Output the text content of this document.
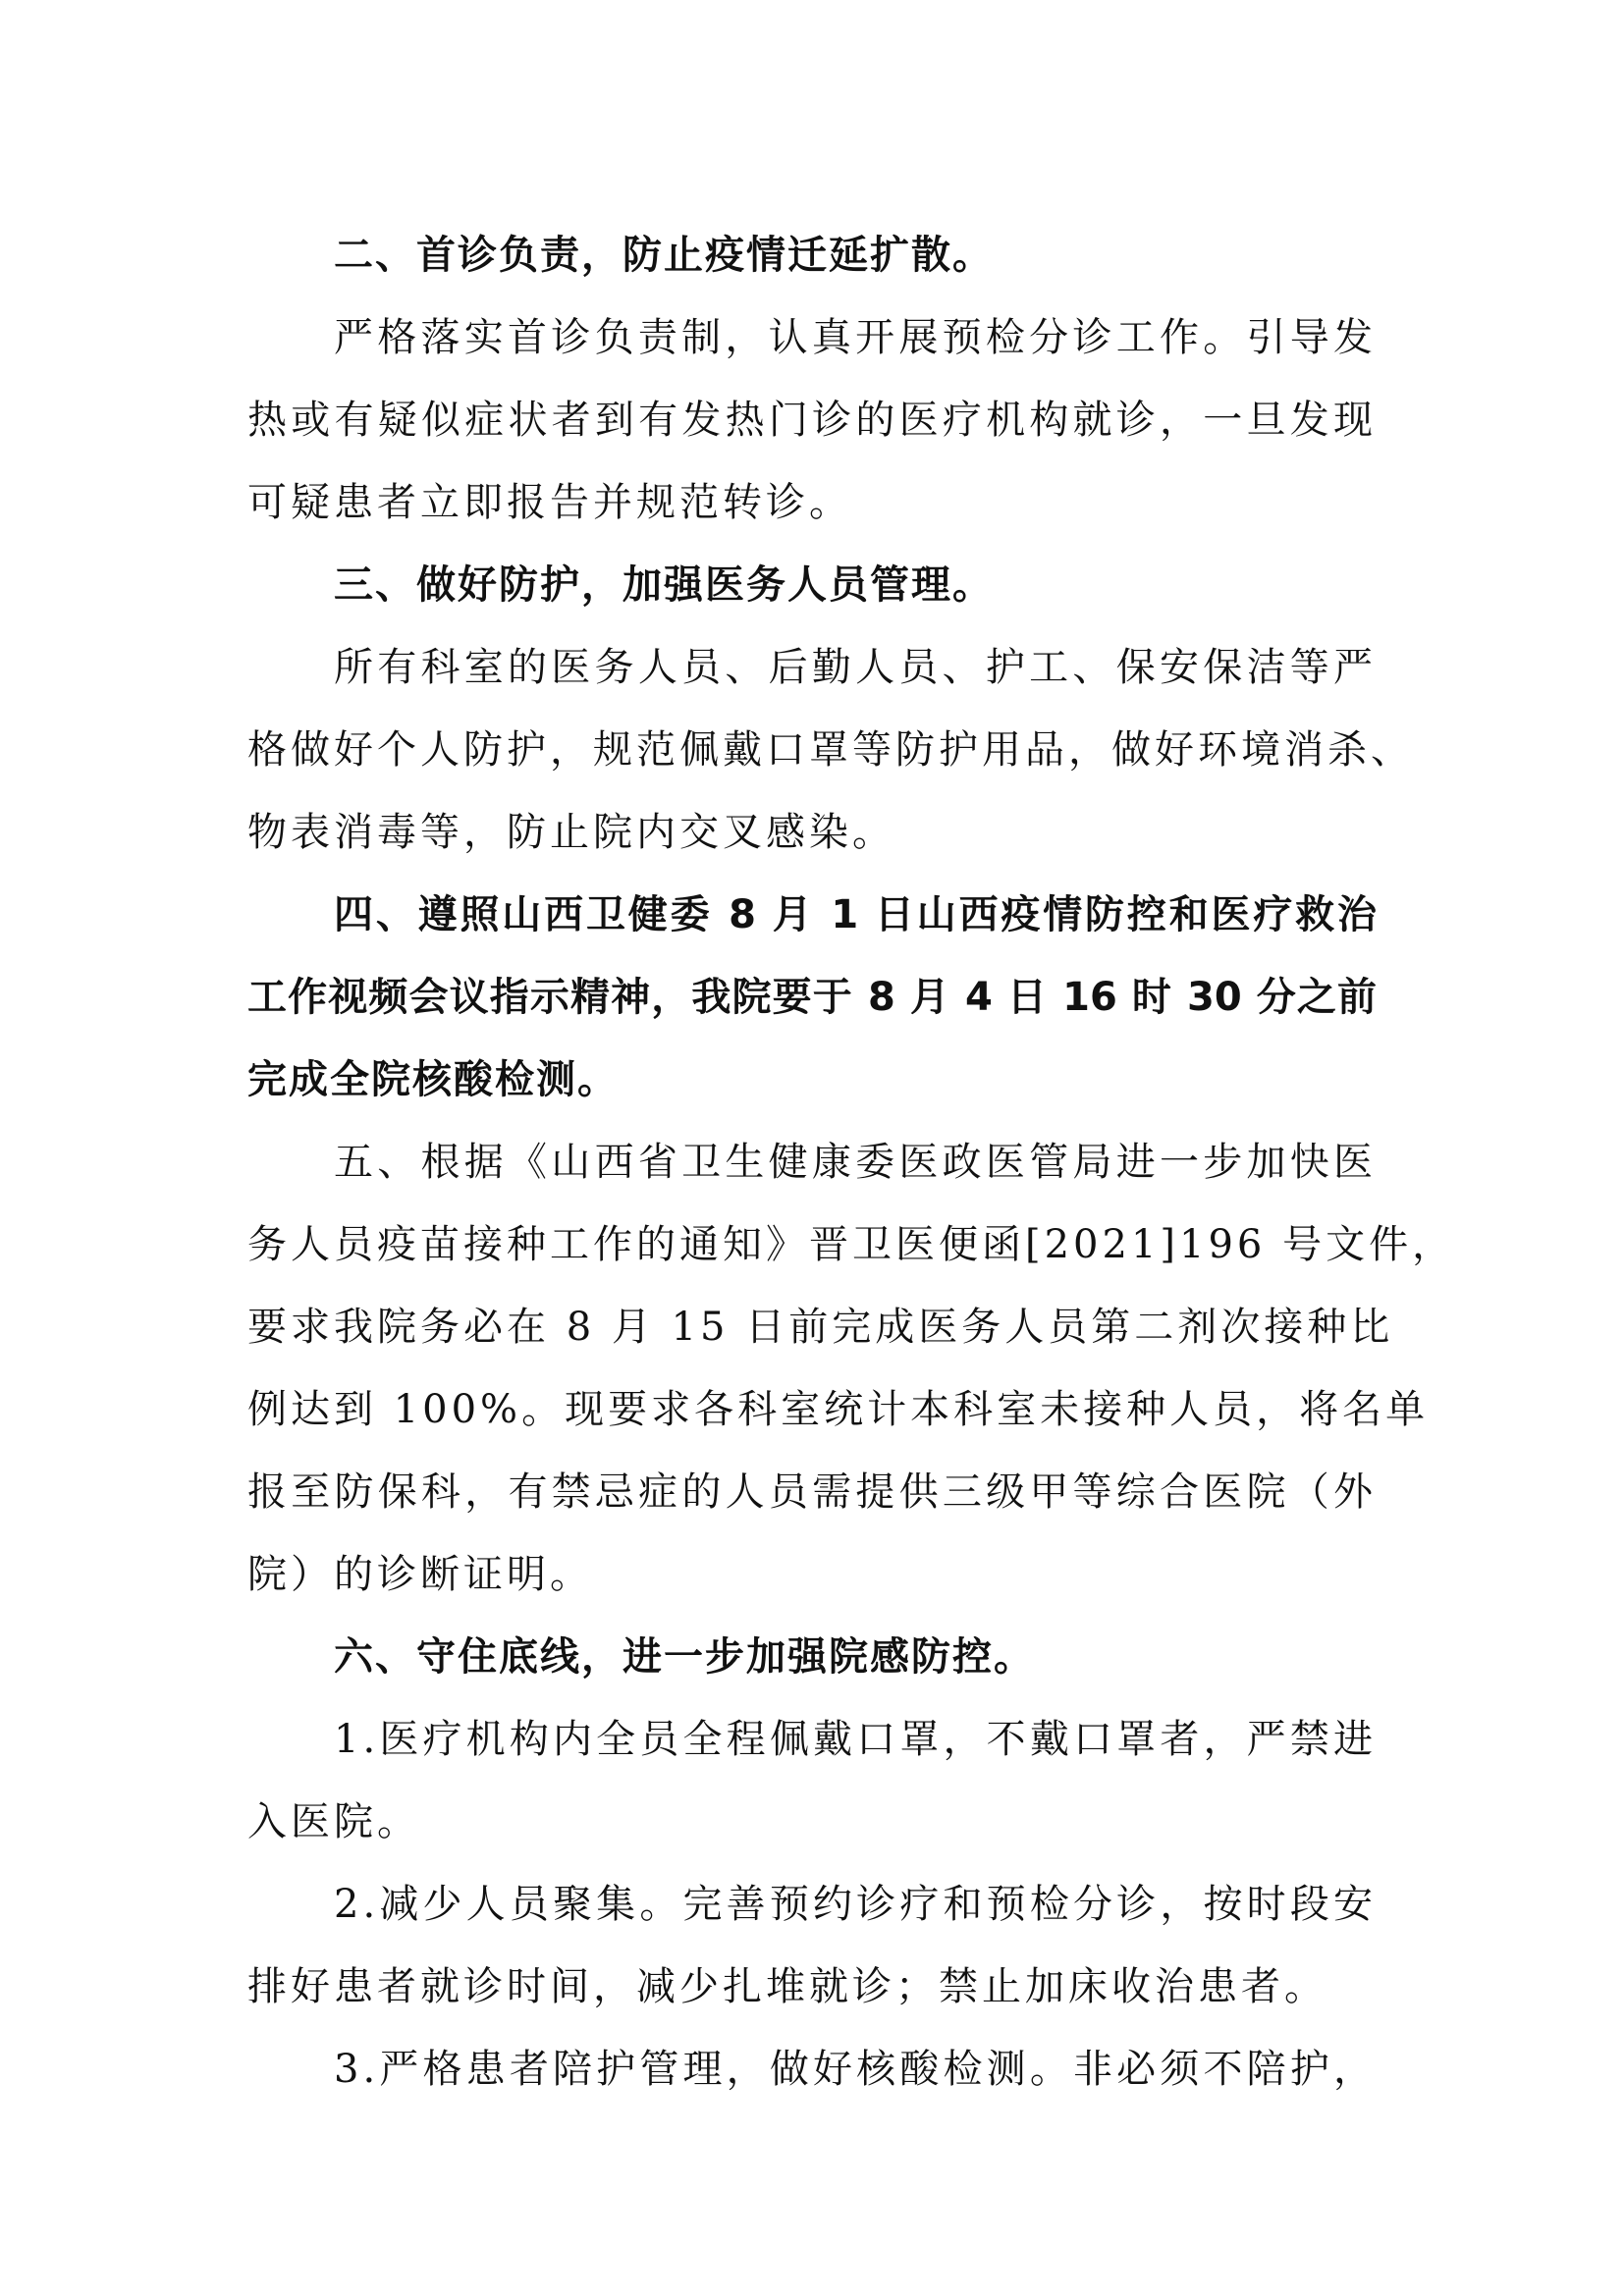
二、首诊负责，防止疫情迁延扩散。
严格落实首诊负责制，认真开展预检分诊工作。引导发
热或有疑似症状者到有发热门诊的医疗机构就诊，一旦发现
可疑患者立即报告并规范转诊。
三、做好防护，加强医务人员管理。
所有科室的医务人员、后勤人员、护工、保安保洁等严
格做好个人防护，规范佩戴口罩等防护用品，做好环境消杀、
物表消毒等，防止院内交叉感染。
四、遵照山西卫健委 8 月 1 日山西疫情防控和医疗救治
工作视频会议指示精神，我院要于 8 月 4 日 16 时 30 分之前
完成全院核酸检测。
五、根据《山西省卫生健康委医政医管局进一步加快医
务人员疫苗接种工作的通知》晋卫医便函[2021]196 号文件，
要求我院务必在 8 月 15 日前完成医务人员第二剂次接种比
例达到 100%。现要求各科室统计本科室未接种人员，将名单
报至防保科，有禁忌症的人员需提供三级甲等综合医院（外
院）的诊断证明。
六、守住底线，进一步加强院感防控。
1.医疗机构内全员全程佩戴口罩，不戴口罩者，严禁进
入医院。
2.减少人员聚集。完善预约诊疗和预检分诊，按时段安
排好患者就诊时间，减少扎堆就诊；禁止加床收治患者。
3.严格患者陪护管理，做好核酸检测。非必须不陪护，
